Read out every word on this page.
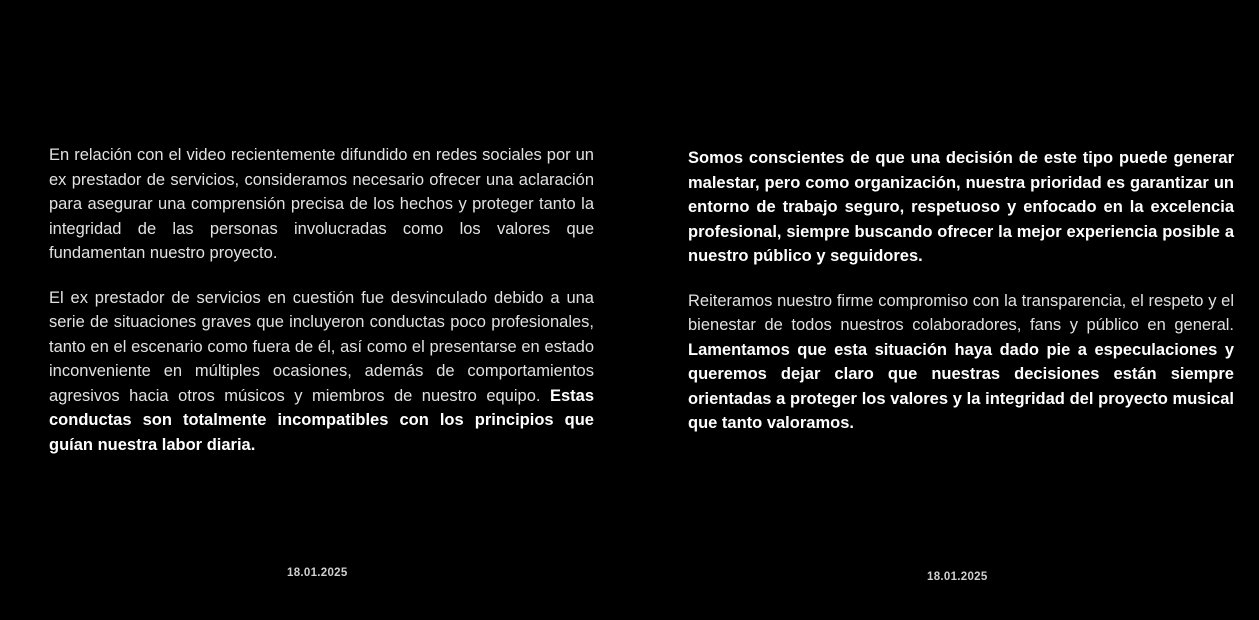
En relación con el video recientemente difundido en redes sociales por un ex prestador de servicios, consideramos necesario ofrecer una aclaración para asegurar una comprensión precisa de los hechos y proteger tanto la integridad de las personas involucradas como los valores que fundamentan nuestro proyecto.

El ex prestador de servicios en cuestión fue desvinculado debido a una serie de situaciones graves que incluyeron conductas poco profesionales, tanto en el escenario como fuera de él, así como el presentarse en estado inconveniente en múltiples ocasiones, además de comportamientos agresivos hacia otros músicos y miembros de nuestro equipo. Estas conductas son totalmente incompatibles con los principios que guían nuestra labor diaria.

18.01.2025

Somos conscientes de que una decisión de este tipo puede generar malestar, pero como organización, nuestra prioridad es garantizar un entorno de trabajo seguro, respetuoso y enfocado en la excelencia profesional, siempre buscando ofrecer la mejor experiencia posible a nuestro público y seguidores.

Reiteramos nuestro firme compromiso con la transparencia, el respeto y el bienestar de todos nuestros colaboradores, fans y público en general. Lamentamos que esta situación haya dado pie a especulaciones y queremos dejar claro que nuestras decisiones están siempre orientadas a proteger los valores y la integridad del proyecto musical que tanto valoramos.

18.01.2025
